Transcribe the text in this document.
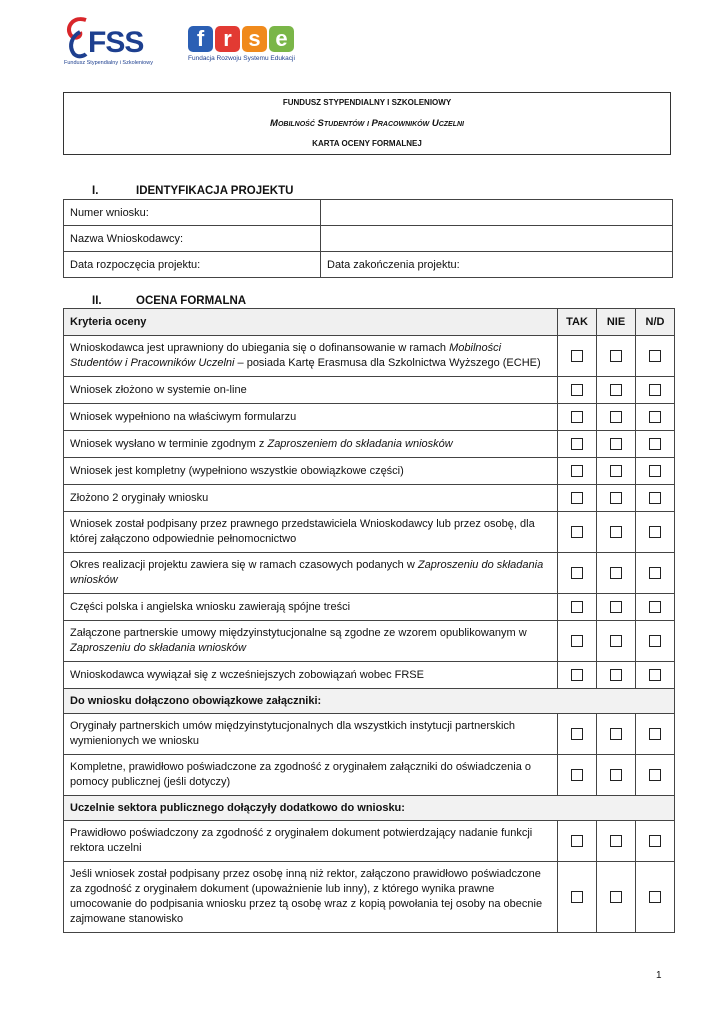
FSS
Fundusz Stypendialny i Szkoleniowy
f r s e
Fundacja Rozwoju Systemu Edukacji
FUNDUSZ STYPENDIALNY I SZKOLENIOWY
Mobilność Studentów i Pracowników Uczelni
KARTA OCENY FORMALNEJ
I.	IDENTYFIKACJA PROJEKTU
Numer wniosku:	
Nazwa Wnioskodawcy:	
Data rozpoczęcia projektu:	Data zakończenia projektu:
II.	OCENA FORMALNA
Kryteria oceny	TAK	NIE	N/D
Wnioskodawca jest uprawniony do ubiegania się o dofinansowanie w ramach Mobilności Studentów i Pracowników Uczelni – posiada Kartę Erasmusa dla Szkolnictwa Wyższego (ECHE)			
Wniosek złożono w systemie on-line			
Wniosek wypełniono na właściwym formularzu			
Wniosek wysłano w terminie zgodnym z Zaproszeniem do składania wniosków			
Wniosek jest kompletny (wypełniono wszystkie obowiązkowe części)			
Złożono 2 oryginały wniosku			
Wniosek został podpisany przez prawnego przedstawiciela Wnioskodawcy lub przez osobę, dla której załączono odpowiednie pełnomocnictwo			
Okres realizacji projektu zawiera się w ramach czasowych podanych w Zaproszeniu do składania wniosków			
Części polska i angielska wniosku zawierają spójne treści			
Załączone partnerskie umowy międzyinstytucjonalne są zgodne ze wzorem opublikowanym w Zaproszeniu do składania wniosków			
Wnioskodawca wywiązał się z wcześniejszych zobowiązań wobec FRSE			
Do wniosku dołączono obowiązkowe załączniki:			
Oryginały partnerskich umów międzyinstytucjonalnych dla wszystkich instytucji partnerskich wymienionych we wniosku			
Kompletne, prawidłowo poświadczone za zgodność z oryginałem załączniki do oświadczenia o pomocy publicznej (jeśli dotyczy)			
Uczelnie sektora publicznego dołączyły dodatkowo do wniosku:			
Prawidłowo poświadczony za zgodność z oryginałem dokument potwierdzający nadanie funkcji rektora uczelni			
Jeśli wniosek został podpisany przez osobę inną niż rektor, załączono prawidłowo poświadczone za zgodność z oryginałem dokument (upoważnienie lub inny), z którego wynika prawne umocowanie do podpisania wniosku przez tą osobę wraz z kopią powołania tej osoby na obecnie zajmowane stanowisko			
1
